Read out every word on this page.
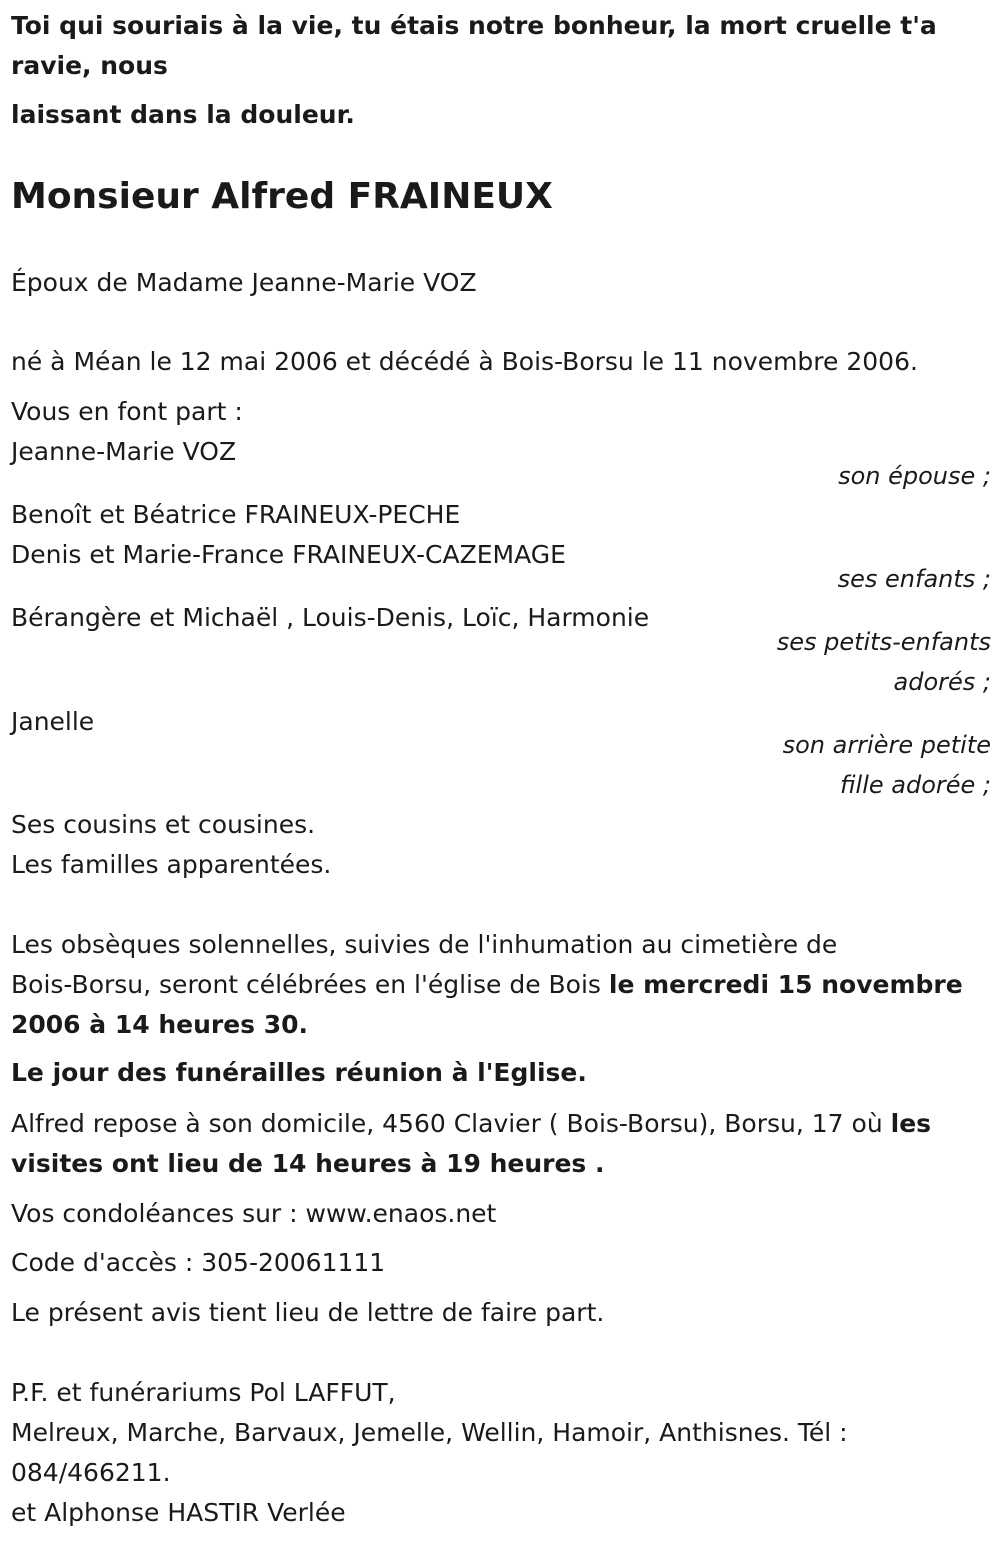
Toi qui souriais à la vie, tu étais notre bonheur, la mort cruelle t'a
ravie, nous
laissant dans la douleur.
Monsieur Alfred FRAINEUX
Époux de Madame Jeanne-Marie VOZ
né à Méan le 12 mai 2006 et décédé à Bois-Borsu le 11 novembre 2006.
Vous en font part :
Jeanne-Marie VOZ
son épouse ;
Benoît et Béatrice FRAINEUX-PECHE
Denis et Marie-France FRAINEUX-CAZEMAGE
ses enfants ;
Bérangère et Michaël , Louis-Denis, Loïc, Harmonie
ses petits-enfants
adorés ;
Janelle
son arrière petite
fille adorée ;
Ses cousins et cousines.
Les familles apparentées.
Les obsèques solennelles, suivies de l'inhumation au cimetière de
Bois-Borsu, seront célébrées en l'église de Bois le mercredi 15 novembre
2006 à 14 heures 30.
Le jour des funérailles réunion à l'Eglise.
Alfred repose à son domicile, 4560 Clavier ( Bois-Borsu), Borsu, 17 où les
visites ont lieu de 14 heures à 19 heures .
Vos condoléances sur : www.enaos.net
Code d'accès : 305-20061111
Le présent avis tient lieu de lettre de faire part.
P.F. et funérariums Pol LAFFUT,
Melreux, Marche, Barvaux, Jemelle, Wellin, Hamoir, Anthisnes. Tél :
084/466211.
et Alphonse HASTIR Verlée
